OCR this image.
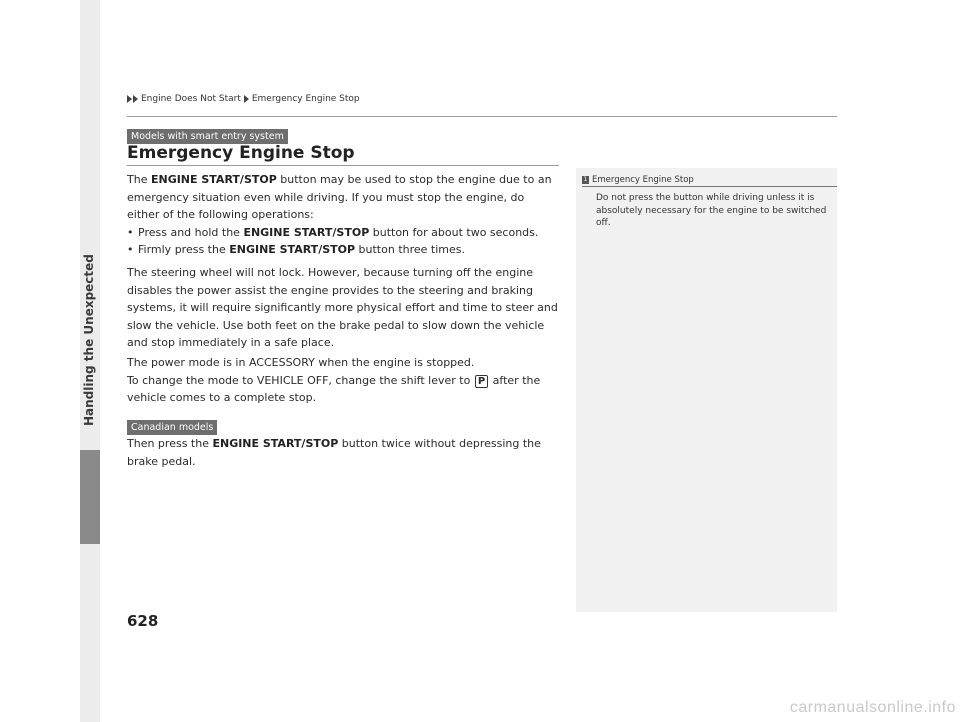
Handling the Unexpected
Engine Does Not Start Emergency Engine Stop
Models with smart entry system
Emergency Engine Stop

The ENGINE START/STOP button may be used to stop the engine due to an emergency situation even while driving. If you must stop the engine, do either of the following operations:

• Press and hold the ENGINE START/STOP button for about two seconds.
• Firmly press the ENGINE START/STOP button three times.
The steering wheel will not lock. However, because turning off the engine disables the power assist the engine provides to the steering and braking systems, it will require significantly more physical effort and time to steer and slow the vehicle. Use both feet on the brake pedal to slow down the vehicle and stop immediately in a safe place.

The power mode is in ACCESSORY when the engine is stopped.

To change the mode to VEHICLE OFF, change the shift lever to P after the vehicle comes to a complete stop.

Canadian models
Then press the ENGINE START/STOP button twice without depressing the brake pedal.
1 Emergency Engine Stop
Do not press the button while driving unless it is absolutely necessary for the engine to be switched off.
628
carmanualsonline.info
